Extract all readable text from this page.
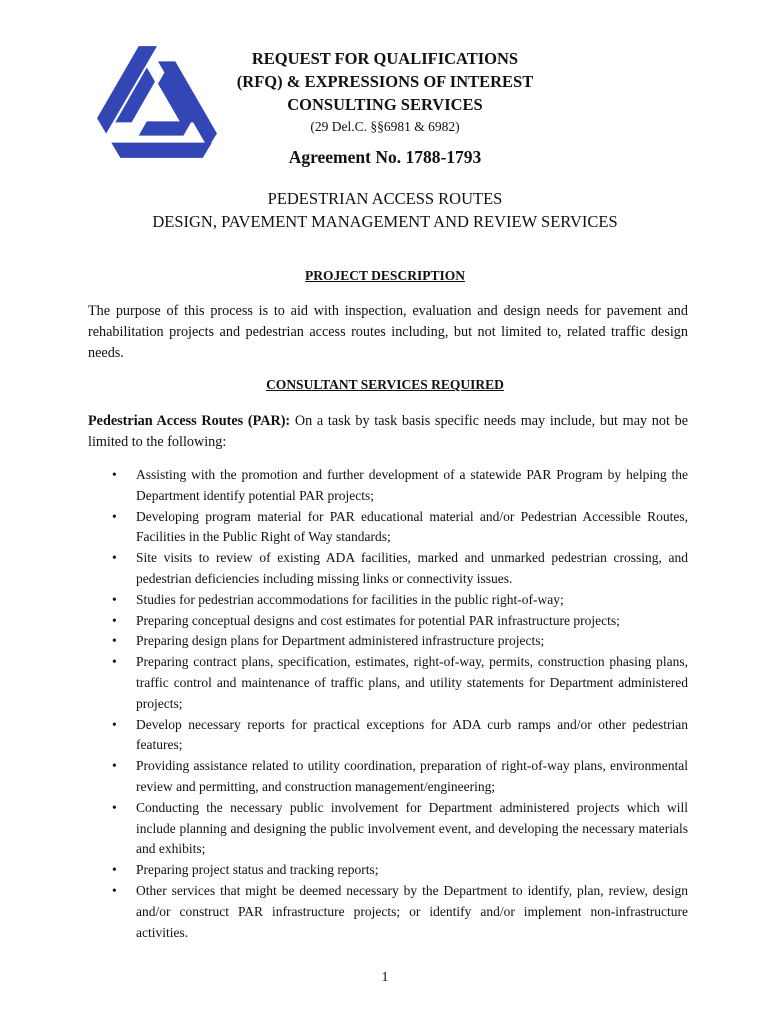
REQUEST FOR QUALIFICATIONS
(RFQ) & EXPRESSIONS OF INTEREST
CONSULTING SERVICES
(29 Del.C. §§6981 & 6982)
Agreement No. 1788-1793
PEDESTRIAN ACCESS ROUTES
DESIGN, PAVEMENT MANAGEMENT AND REVIEW SERVICES
PROJECT DESCRIPTION
The purpose of this process is to aid with inspection, evaluation and design needs for pavement and rehabilitation projects and pedestrian access routes including, but not limited to, related traffic design needs.
CONSULTANT SERVICES REQUIRED
Pedestrian Access Routes (PAR): On a task by task basis specific needs may include, but may not be limited to the following:
• Assisting with the promotion and further development of a statewide PAR Program by helping the Department identify potential PAR projects;
• Developing program material for PAR educational material and/or Pedestrian Accessible Routes, Facilities in the Public Right of Way standards;
• Site visits to review of existing ADA facilities, marked and unmarked pedestrian crossing, and pedestrian deficiencies including missing links or connectivity issues.
• Studies for pedestrian accommodations for facilities in the public right-of-way;
• Preparing conceptual designs and cost estimates for potential PAR infrastructure projects;
• Preparing design plans for Department administered infrastructure projects;
• Preparing contract plans, specification, estimates, right-of-way, permits, construction phasing plans, traffic control and maintenance of traffic plans, and utility statements for Department administered projects;
• Develop necessary reports for practical exceptions for ADA curb ramps and/or other pedestrian features;
• Providing assistance related to utility coordination, preparation of right-of-way plans, environmental review and permitting, and construction management/engineering;
• Conducting the necessary public involvement for Department administered projects which will include planning and designing the public involvement event, and developing the necessary materials and exhibits;
• Preparing project status and tracking reports;
• Other services that might be deemed necessary by the Department to identify, plan, review, design and/or construct PAR infrastructure projects; or identify and/or implement non-infrastructure activities.
1
